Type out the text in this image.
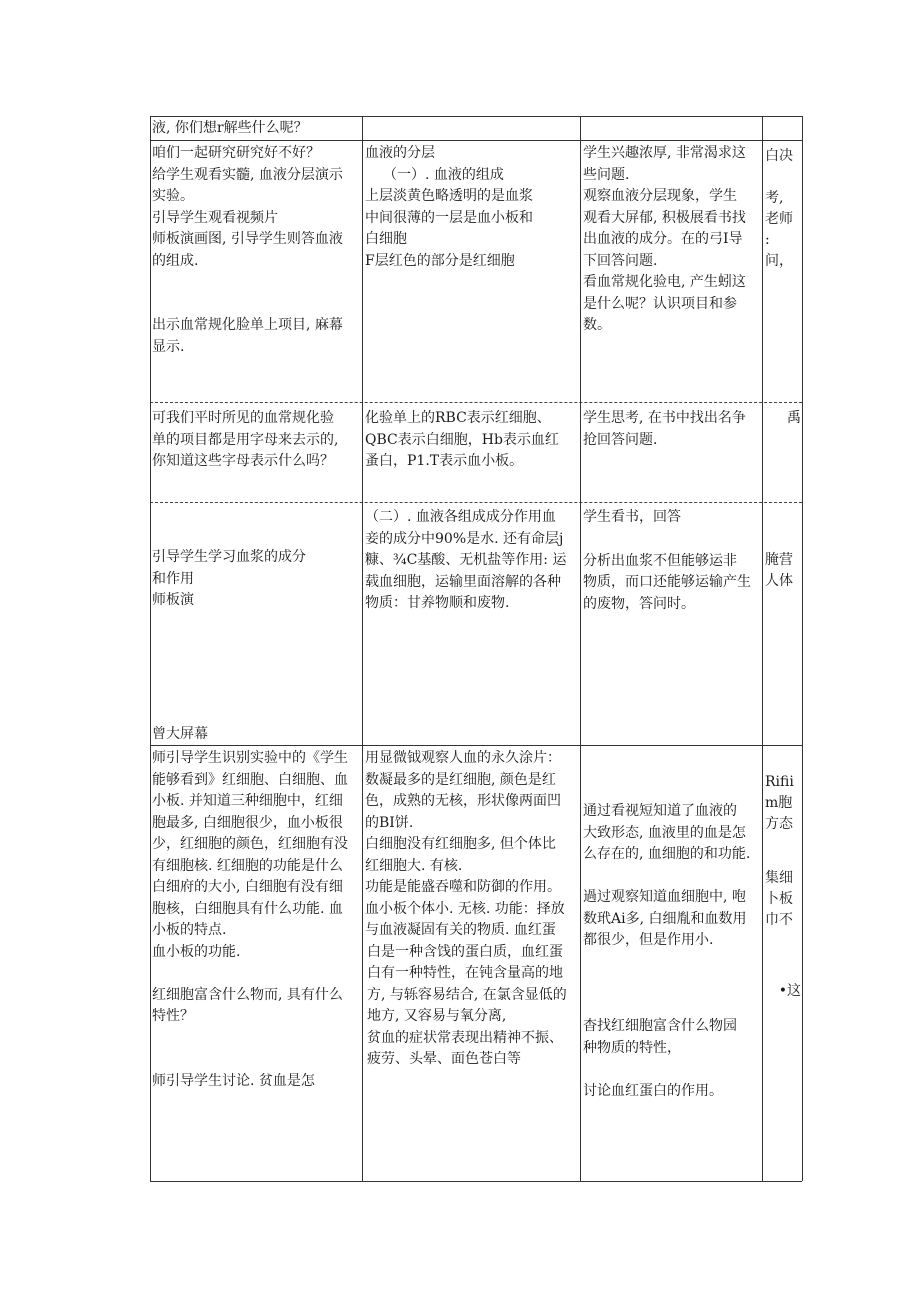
液, 你们想r解些什么呢？

咱们一起研究研究好不好？

给学生观看实髓, 血液分层演示

实验。

引导学生观看视频片

师板演画图, 引导学生则答血液

的组成.

出示血常规化脸单上项目, 麻幕

显示.

血液的分层

（一）. 血液的组成

上层淡黄色略透明的是血浆

中间很薄的一层是血小板和

白细胞

F层红色的部分是红细胞

学生兴趣浓厚, 非常渴求这

些问题.

观察血液分层现象，学生

观看大屏郁, 积极展看书找

出血液的成分。在的弓I导

下回答问题.

看血常规化验电, 产生蚓这

是什么呢？认识项目和参

数。

白决

考,

老师

: 问，

可我们平时所见的血常规化验

单的项目都是用字母来去示的,

你知道这些字母表示什么吗？

化验单上的RBC表示红细胞、

QBC表示白细胞，Hb表示血红

蚤白，P1.T表示血小板。

学生思考, 在书中找出名争

抢回答问题.

禹

引导学生学习血浆的成分

和作用

师板演

曾大屏幕

（二）. 血液各组成成分作用血

妾的成分中90%是水. 还有命层j

糠、¾C基酸、无机盐等作用: 运

载血细胞，运输里面溶解的各种

物质：甘养物顺和废物.

学生看书，回答

分析出血浆不但能够运非

物质，而口还能够运输产生

的废物，答问时。

腌营

人体

师引导学生识别实验中的《学生

能够看到》红细胞、白细胞、血

小板. 并知道三种细胞中，红细

胞最多, 白细胞很少，血小板很

少，红细胞的颜色，红细胞有没

有细胞核. 红细胞的功能是什么

白细府的大小, 白细胞有没有细

胞核，白细胞具有什么功能. 血

小板的特点.

血小板的功能.

红细胞富含什么物而, 具有什么

特性？

师引导学生讨论. 贫血是怎

用显微钺观察人血的永久涂片：

数凝最多的是红细胞, 颜色是红

色，成熟的无核，形状像两面凹

的BI饼.

白细胞没有红细胞多, 但个体比

红细胞大. 有核.

功能是能盛吞噬和防御的作用。

血小板个体小. 无核. 功能：择放

与血液凝固有关的物质. 血红蛋

白是一种含饯的蛋白质，血红蛋

白有一种特性，在钝含量高的地

方, 与轹容易结合, 在氯含显低的

地方, 又容易与氧分离,

贫血的症状常表现出精神不振、

疲劳、头晕、面色苍白等

通过看视短知道了血液的

大致形态, 血液里的血是怎

么存在的, 血细胞的和功能.

過过观察知道血细胞中, 咆

数玳Ai多, 白细胤和血数用

都很少，但是作用小.

杳找红细胞富含什么物园

种物质的特性，

讨论血红蛋白的作用。

Rifii

m胞

方态

集细

卜板

巾不

•这
